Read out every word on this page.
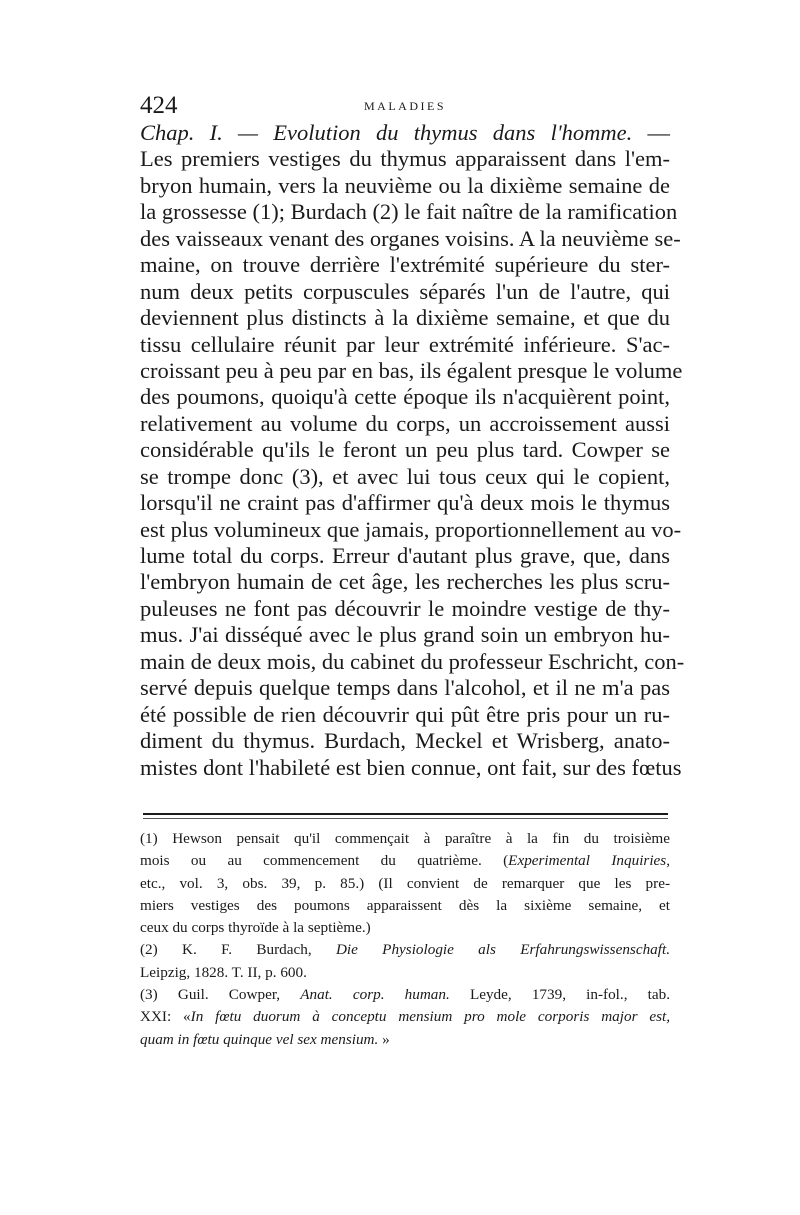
424	MALADIES
Chap. I. — Evolution du thymus dans l'homme. —
Les premiers vestiges du thymus apparaissent dans l'em-
bryon humain, vers la neuvième ou la dixième semaine de
la grossesse (1); Burdach (2) le fait naître de la ramification
des vaisseaux venant des organes voisins. A la neuvième se-
maine, on trouve derrière l'extrémité supérieure du ster-
num deux petits corpuscules séparés l'un de l'autre, qui
deviennent plus distincts à la dixième semaine, et que du
tissu cellulaire réunit par leur extrémité inférieure. S'ac-
croissant peu à peu par en bas, ils égalent presque le volume
des poumons, quoiqu'à cette époque ils n'acquièrent point,
relativement au volume du corps, un accroissement aussi
considérable qu'ils le feront un peu plus tard. Cowper se
se trompe donc (3), et avec lui tous ceux qui le copient,
lorsqu'il ne craint pas d'affirmer qu'à deux mois le thymus
est plus volumineux que jamais, proportionnellement au vo-
lume total du corps. Erreur d'autant plus grave, que, dans
l'embryon humain de cet âge, les recherches les plus scru-
puleuses ne font pas découvrir le moindre vestige de thy-
mus. J'ai disséqué avec le plus grand soin un embryon hu-
main de deux mois, du cabinet du professeur Eschricht, con-
servé depuis quelque temps dans l'alcohol, et il ne m'a pas
été possible de rien découvrir qui pût être pris pour un ru-
diment du thymus. Burdach, Meckel et Wrisberg, anato-
mistes dont l'habileté est bien connue, ont fait, sur des fœtus
(1) Hewson pensait qu'il commençait à paraître à la fin du troisième
mois ou au commencement du quatrième. (Experimental Inquiries,
etc., vol. 3, obs. 39, p. 85.) (Il convient de remarquer que les pre-
miers vestiges des poumons apparaissent dès la sixième semaine, et
ceux du corps thyroïde à la septième.)
(2) K. F. Burdach, Die Physiologie als Erfahrungswissenschaft.
Leipzig, 1828. T. II, p. 600.
(3) Guil. Cowper, Anat. corp. human. Leyde, 1739, in-fol., tab.
XXI: «In fœtu duorum à conceptu mensium pro mole corporis major est,
quam in fœtu quinque vel sex mensium. »
